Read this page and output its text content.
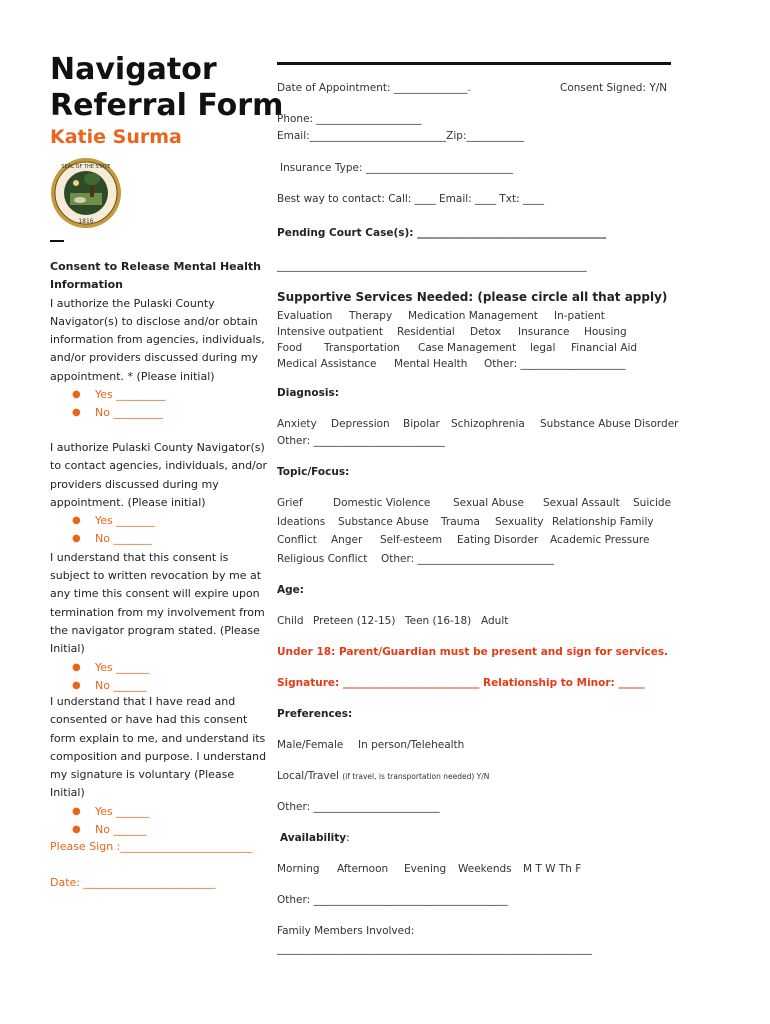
Navigator
Referral Form
Katie Surma
SEAL OF THE STATE
1816
Consent to Release Mental Health Information
I authorize the Pulaski County Navigator(s) to disclose and/or obtain information from agencies, individuals, and/or providers discussed during my appointment. * (Please initial)
● Yes _________
● No _________
I authorize Pulaski County Navigator(s) to contact agencies, individuals, and/or providers discussed during my appointment. (Please initial)
● Yes _______
● No _______
I understand that this consent is subject to written revocation by me at any time this consent will expire upon termination from my involvement from the navigator program stated. (Please Initial)
● Yes ______
● No ______
I understand that I have read and consented or have had this consent form explain to me, and understand its composition and purpose. I understand my signature is voluntary (Please Initial)
● Yes ______
● No ______
Please Sign :________________________
Date: ________________________
Date of Appointment: ______________.	Consent Signed: Y/N
Phone: ____________________
Email:__________________________Zip:___________
Insurance Type: ____________________________
Best way to contact: Call: ____ Email: ____ Txt: ____
Pending Court Case(s): ____________________________________
___________________________________________________________
Supportive Services Needed: (please circle all that apply)
Evaluation Therapy Medication Management In-patient
Intensive outpatient Residential Detox Insurance Housing
Food Transportation Case Management legal Financial Aid
Medical Assistance Mental Health Other: ____________________
Diagnosis:
Anxiety Depression Bipolar Schizophrenia Substance Abuse Disorder
Other: _________________________
Topic/Focus:
Grief	Domestic Violence Sexual Abuse Sexual Assault Suicide
Ideations Substance Abuse Trauma Sexuality Relationship Family
Conflict Anger Self-esteem Eating Disorder Academic Pressure
Religious Conflict Other: __________________________
Age:
Child Preteen (12-15) Teen (16-18) Adult
Under 18: Parent/Guardian must be present and sign for services.
Signature: __________________________ Relationship to Minor: _____
Preferences:
Male/Female In person/Telehealth
Local/Travel (if travel, is transportation needed) Y/N
Other: ________________________
Availability:
Morning Afternoon Evening Weekends M T W Th F
Other: _____________________________________
Family Members Involved:
____________________________________________________________
